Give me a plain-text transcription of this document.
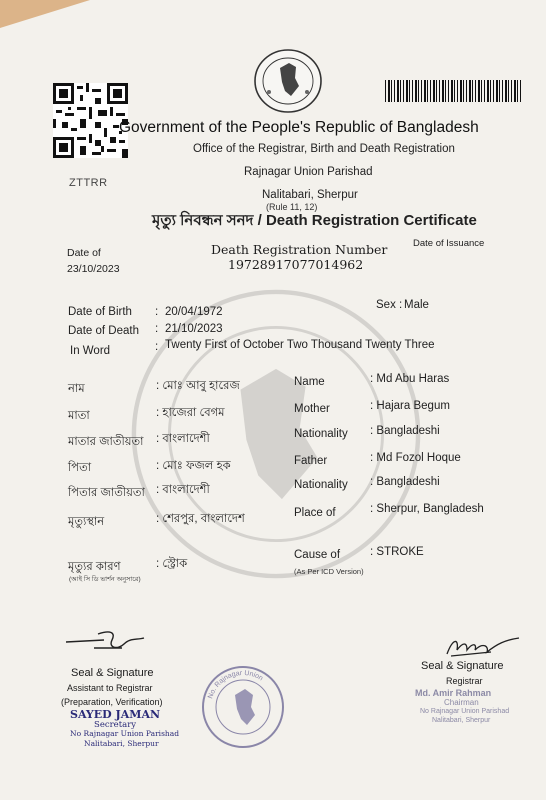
ZTTRR
Government of the People's Republic of Bangladesh
Office of the Registrar, Birth and Death Registration
Rajnagar Union Parishad
Nalitabari, Sherpur
(Rule 11, 12)
মৃত্যু নিবন্ধন সনদ / Death Registration Certificate
Date of
23/10/2023
Death Registration Number
19728917077014962
Date of Issuance
Date of Birth : 20/04/1972
Sex : Male
Date of Death : 21/10/2023
In Word	: Twenty First of October Two Thousand Twenty Three
নাম	: মোঃ আবু হারেজ	Name	: Md Abu Haras
মাতা	: হাজেরা বেগম	Mother	: Hajara Begum
মাতার জাতীয়তা : বাংলাদেশী	Nationality : Bangladeshi
পিতা	: মোঃ ফজল হক	Father	: Md Fozol Hoque
পিতার জাতীয়তা : বাংলাদেশী	Nationality : Bangladeshi
মৃত্যুস্থান	: শেরপুর, বাংলাদেশ	Place of	: Sherpur, Bangladesh
মৃত্যুর কারণ
(আই সি ডি ভার্শন অনুসারে)
: স্ট্রোক
Cause of
(As Per ICD Version)
: STROKE
Seal & Signature
Assistant to Registrar
(Preparation, Verification)
SAYED JAMAN
Secretary
No Rajnagar Union Parishad
Nalitabari, Sherpur
No. Rajnagar Union
Seal & Signature
Registrar
Md. Amir Rahman
Chairman
No Rajnagar Union Parishad
Nalitabari, Sherpur
